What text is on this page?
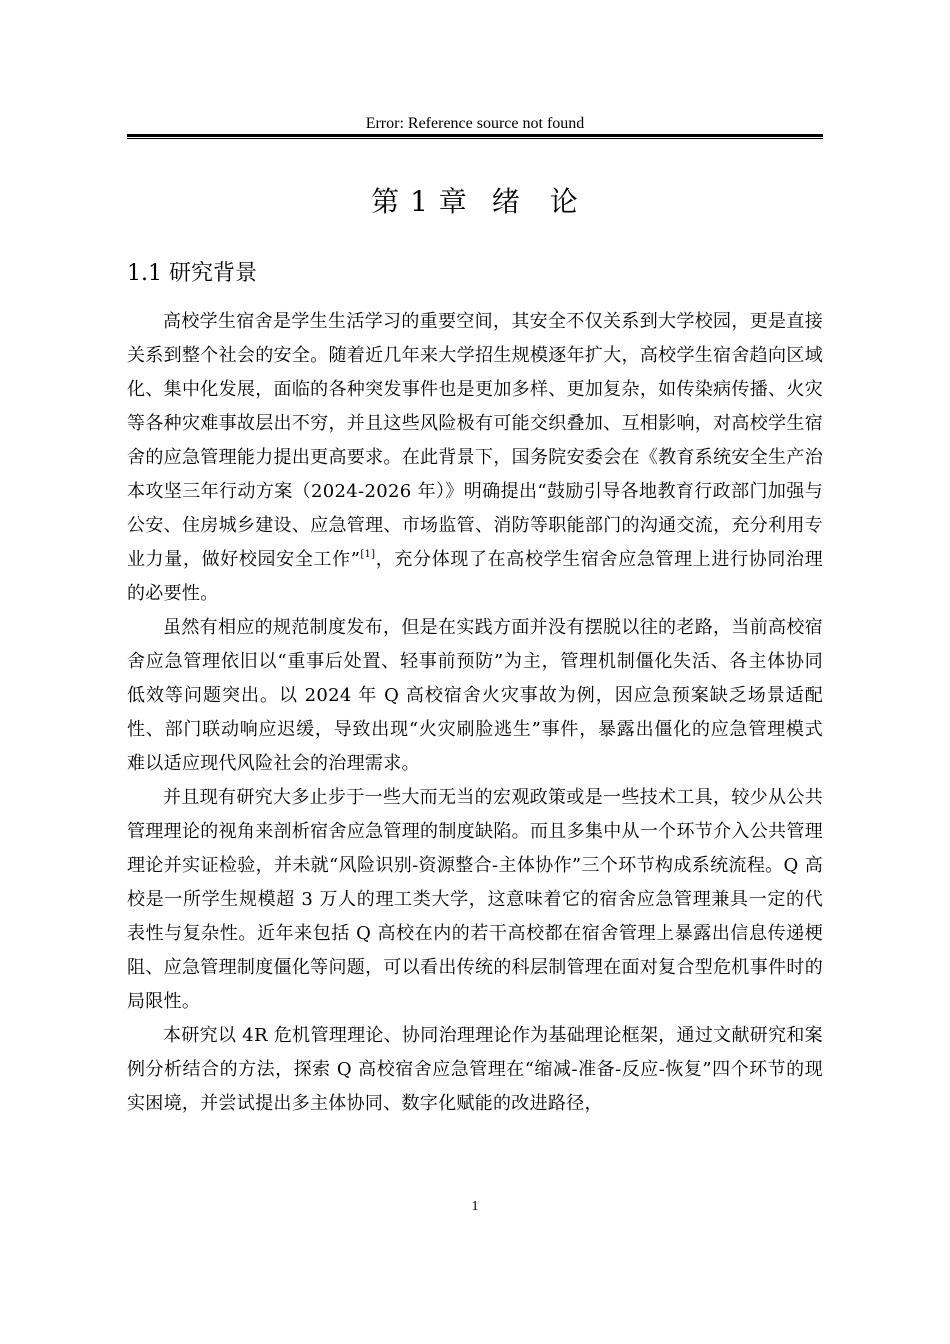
Error: Reference source not found
第 1 章 绪　论
1.1 研究背景

高校学生宿舍是学生生活学习的重要空间，其安全不仅关系到大学校园，更是直接关系到整个社会的安全。随着近几年来大学招生规模逐年扩大，高校学生宿舍趋向区域化、集中化发展，面临的各种突发事件也是更加多样、更加复杂，如传染病传播、火灾等各种灾难事故层出不穷，并且这些风险极有可能交织叠加、互相影响，对高校学生宿舍的应急管理能力提出更高要求。在此背景下，国务院安委会在《教育系统安全生产治本攻坚三年行动方案（2024-2026 年）》明确提出“鼓励引导各地教育行政部门加强与公安、住房城乡建设、应急管理、市场监管、消防等职能部门的沟通交流，充分利用专业力量，做好校园安全工作”[1]，充分体现了在高校学生宿舍应急管理上进行协同治理的必要性。

虽然有相应的规范制度发布，但是在实践方面并没有摆脱以往的老路，当前高校宿舍应急管理依旧以“重事后处置、轻事前预防”为主，管理机制僵化失活、各主体协同低效等问题突出。以 2024 年 Q 高校宿舍火灾事故为例，因应急预案缺乏场景适配性、部门联动响应迟缓，导致出现“火灾刷脸逃生”事件，暴露出僵化的应急管理模式难以适应现代风险社会的治理需求。

并且现有研究大多止步于一些大而无当的宏观政策或是一些技术工具，较少从公共管理理论的视角来剖析宿舍应急管理的制度缺陷。而且多集中从一个环节介入公共管理理论并实证检验，并未就“风险识别-资源整合-主体协作”三个环节构成系统流程。Q 高校是一所学生规模超 3 万人的理工类大学，这意味着它的宿舍应急管理兼具一定的代表性与复杂性。近年来包括 Q 高校在内的若干高校都在宿舍管理上暴露出信息传递梗阻、应急管理制度僵化等问题，可以看出传统的科层制管理在面对复合型危机事件时的局限性。

本研究以 4R 危机管理理论、协同治理理论作为基础理论框架，通过文献研究和案例分析结合的方法，探索 Q 高校宿舍应急管理在“缩减-准备-反应-恢复”四个环节的现实困境，并尝试提出多主体协同、数字化赋能的改进路径，

1
